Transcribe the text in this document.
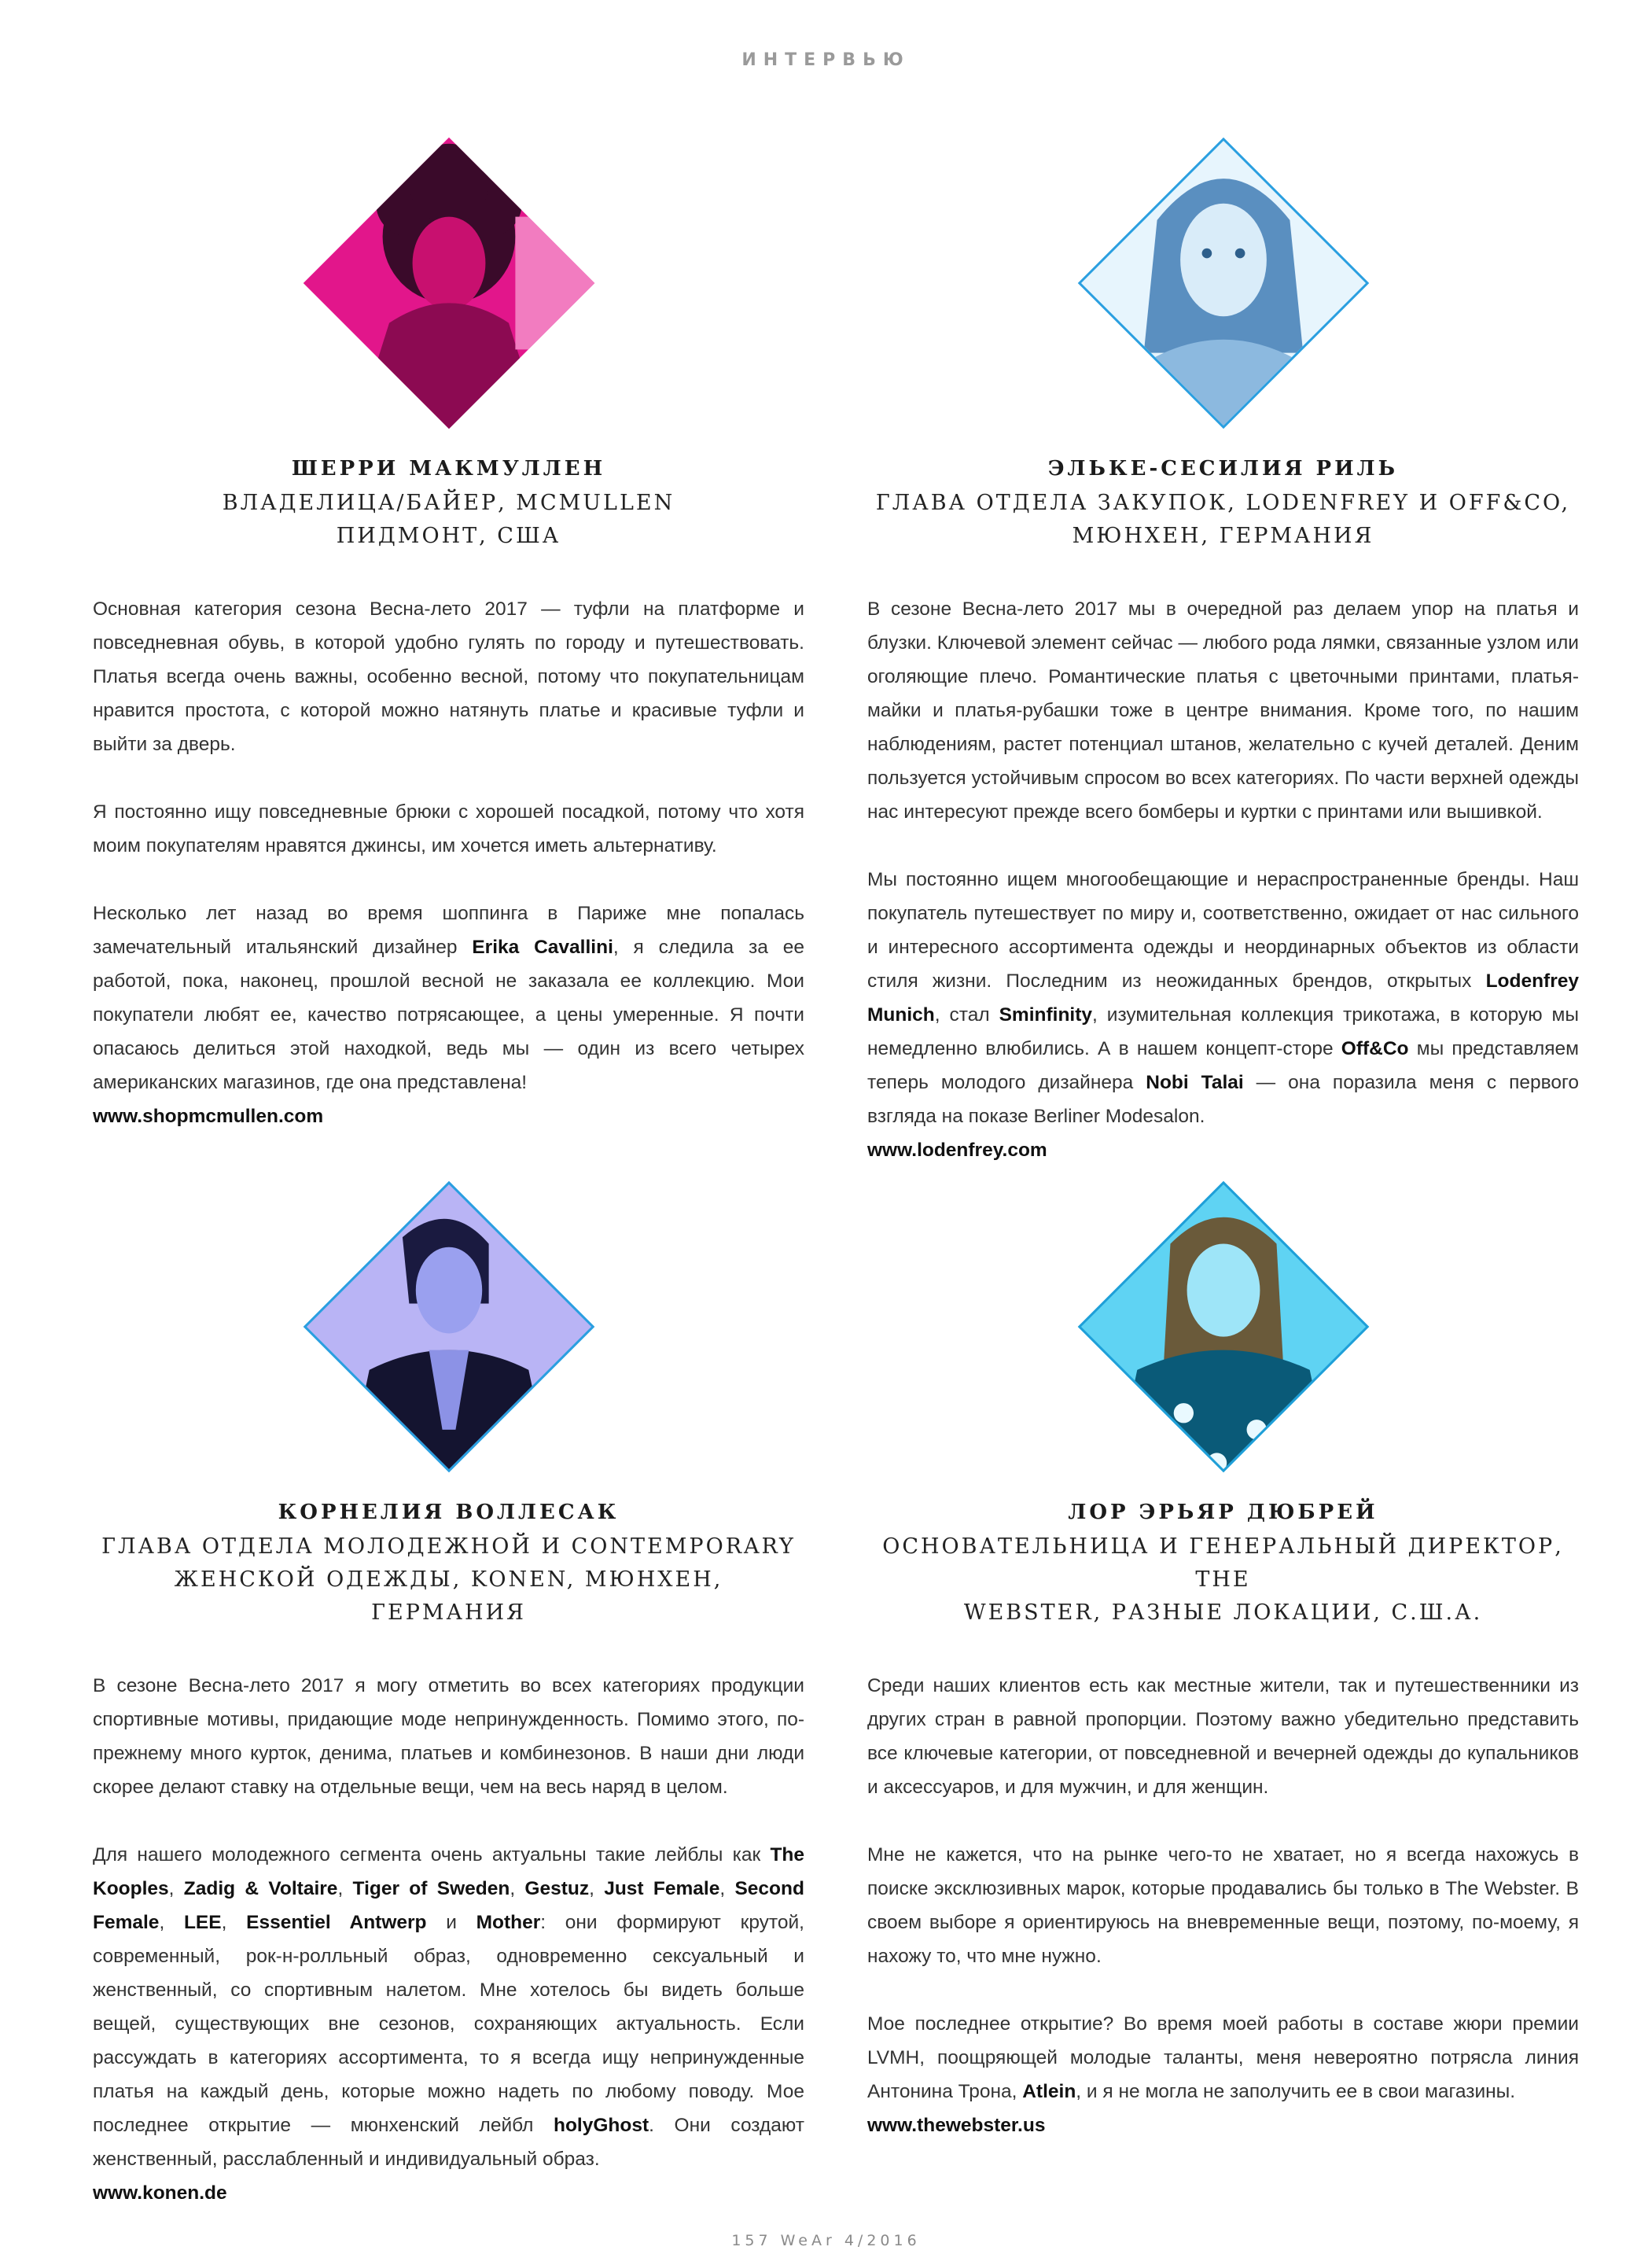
ИНТЕРВЬЮ
ШЕРРИ МАКМУЛЛЕН
ВЛАДЕЛИЦА/БАЙЕР, MCMULLEN
ПИДМОНТ, США

Основная категория сезона Весна-лето 2017 — туфли на платформе и повседневная обувь, в которой удобно гулять по городу и путешествовать. Платья всегда очень важны, особенно весной, потому что покупательницам нравится простота, с которой можно натянуть платье и красивые туфли и выйти за дверь.

Я постоянно ищу повседневные брюки с хорошей посадкой, потому что хотя моим покупателям нравятся джинсы, им хочется иметь альтернативу.

Несколько лет назад во время шоппинга в Париже мне попалась замечательный итальянский дизайнер Erika Cavallini, я следила за ее работой, пока, наконец, прошлой весной не заказала ее коллекцию. Мои покупатели любят ее, качество потрясающее, а цены умеренные. Я почти опасаюсь делиться этой находкой, ведь мы — один из всего четырех американских магазинов, где она представлена!

www.shopmcmullen.com
ЭЛЬКЕ-СЕСИЛИЯ РИЛЬ
ГЛАВА ОТДЕЛА ЗАКУПОК, LODENFREY И OFF&CO,
МЮНХЕН, ГЕРМАНИЯ

В сезоне Весна-лето 2017 мы в очередной раз делаем упор на платья и блузки. Ключевой элемент сейчас — любого рода лямки, связанные узлом или оголяющие плечо. Романтические платья с цветочными принтами, платья-майки и платья-рубашки тоже в центре внимания. Кроме того, по нашим наблюдениям, растет потенциал штанов, желательно с кучей деталей. Деним пользуется устойчивым спросом во всех категориях. По части верхней одежды нас интересуют прежде всего бомберы и куртки с принтами или вышивкой.

Мы постоянно ищем многообещающие и нераспространенные бренды. Наш покупатель путешествует по миру и, соответственно, ожидает от нас сильного и интересного ассортимента одежды и неординарных объектов из области стиля жизни. Последним из неожиданных брендов, открытых Lodenfrey Munich, стал Sminfinity, изумительная коллекция трикотажа, в которую мы немедленно влюбились. А в нашем концепт-сторе Off&Co мы представляем теперь молодого дизайнера Nobi Talai — она поразила меня с первого взгляда на показе Berliner Modesalon.

www.lodenfrey.com
КОРНЕЛИЯ ВОЛЛЕСАК
ГЛАВА ОТДЕЛА МОЛОДЕЖНОЙ И CONTEMPORARY
ЖЕНСКОЙ ОДЕЖДЫ, KONEN, МЮНХЕН, ГЕРМАНИЯ

В сезоне Весна-лето 2017 я могу отметить во всех категориях продукции спортивные мотивы, придающие моде непринужденность. Помимо этого, по-прежнему много курток, денима, платьев и комбинезонов. В наши дни люди скорее делают ставку на отдельные вещи, чем на весь наряд в целом.

Для нашего молодежного сегмента очень актуальны такие лейблы как The Kooples, Zadig & Voltaire, Tiger of Sweden, Gestuz, Just Female, Second Female, LEE, Essentiel Antwerp и Mother: они формируют крутой, современный, рок-н-ролльный образ, одновременно сексуальный и женственный, со спортивным налетом. Мне хотелось бы видеть больше вещей, существующих вне сезонов, сохраняющих актуальность. Если рассуждать в категориях ассортимента, то я всегда ищу непринужденные платья на каждый день, которые можно надеть по любому поводу. Мое последнее открытие — мюнхенский лейбл holyGhost. Они создают женственный, расслабленный и индивидуальный образ.

www.konen.de
ЛОР ЭРЬЯР ДЮБРЕЙ
ОСНОВАТЕЛЬНИЦА И ГЕНЕРАЛЬНЫЙ ДИРЕКТОР, THE
WEBSTER, РАЗНЫЕ ЛОКАЦИИ, С.Ш.А.

Среди наших клиентов есть как местные жители, так и путешественники из других стран в равной пропорции. Поэтому важно убедительно представить все ключевые категории, от повседневной и вечерней одежды до купальников и аксессуаров, и для мужчин, и для женщин.

Мне не кажется, что на рынке чего-то не хватает, но я всегда нахожусь в поиске эксклюзивных марок, которые продавались бы только в The Webster. В своем выборе я ориентируюсь на вневременные вещи, поэтому, по-моему, я нахожу то, что мне нужно.

Мое последнее открытие? Во время моей работы в составе жюри премии LVMH, поощряющей молодые таланты, меня невероятно потрясла линия Антонина Трона, Atlein, и я не могла не заполучить ее в свои магазины.

www.thewebster.us
157 WeAr 4/2016
